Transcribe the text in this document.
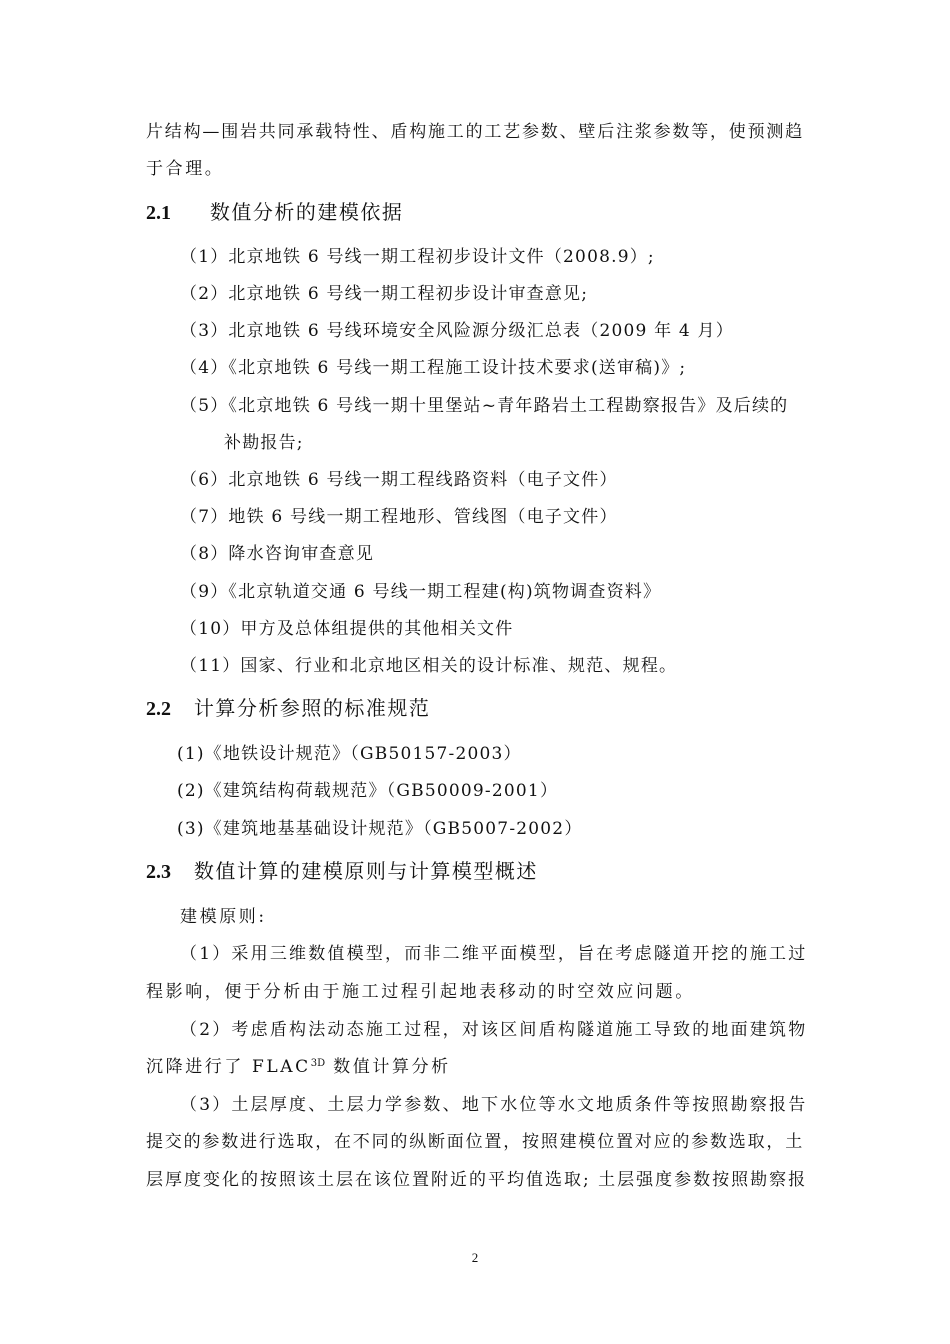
片结构—围岩共同承载特性、盾构施工的工艺参数、壁后注浆参数等，使预测趋
于合理。
2.1 数值分析的建模依据
（1）北京地铁 6 号线一期工程初步设计文件（2008.9）;
（2）北京地铁 6 号线一期工程初步设计审查意见;
（3）北京地铁 6 号线环境安全风险源分级汇总表（2009 年 4 月）
（4）《北京地铁 6 号线一期工程施工设计技术要求(送审稿)》;
（5）《北京地铁 6 号线一期十里堡站~青年路岩土工程勘察报告》及后续的
补勘报告;
（6）北京地铁 6 号线一期工程线路资料（电子文件）
（7）地铁 6 号线一期工程地形、管线图（电子文件）
（8）降水咨询审查意见
（9）《北京轨道交通 6 号线一期工程建(构)筑物调查资料》
（10）甲方及总体组提供的其他相关文件
（11）国家、行业和北京地区相关的设计标准、规范、规程。
2.2 计算分析参照的标准规范
(1)《地铁设计规范》（GB50157-2003）
(2)《建筑结构荷载规范》（GB50009-2001）
(3)《建筑地基基础设计规范》（GB5007-2002）
2.3 数值计算的建模原则与计算模型概述
建模原则:
（1）采用三维数值模型，而非二维平面模型，旨在考虑隧道开挖的施工过
程影响，便于分析由于施工过程引起地表移动的时空效应问题。
（2）考虑盾构法动态施工过程，对该区间盾构隧道施工导致的地面建筑物
沉降进行了 $FLAC^{3D}$ 数值计算分析
（3）土层厚度、土层力学参数、地下水位等水文地质条件等按照勘察报告
提交的参数进行选取，在不同的纵断面位置，按照建模位置对应的参数选取，土
层厚度变化的按照该土层在该位置附近的平均值选取; 土层强度参数按照勘察报
2
